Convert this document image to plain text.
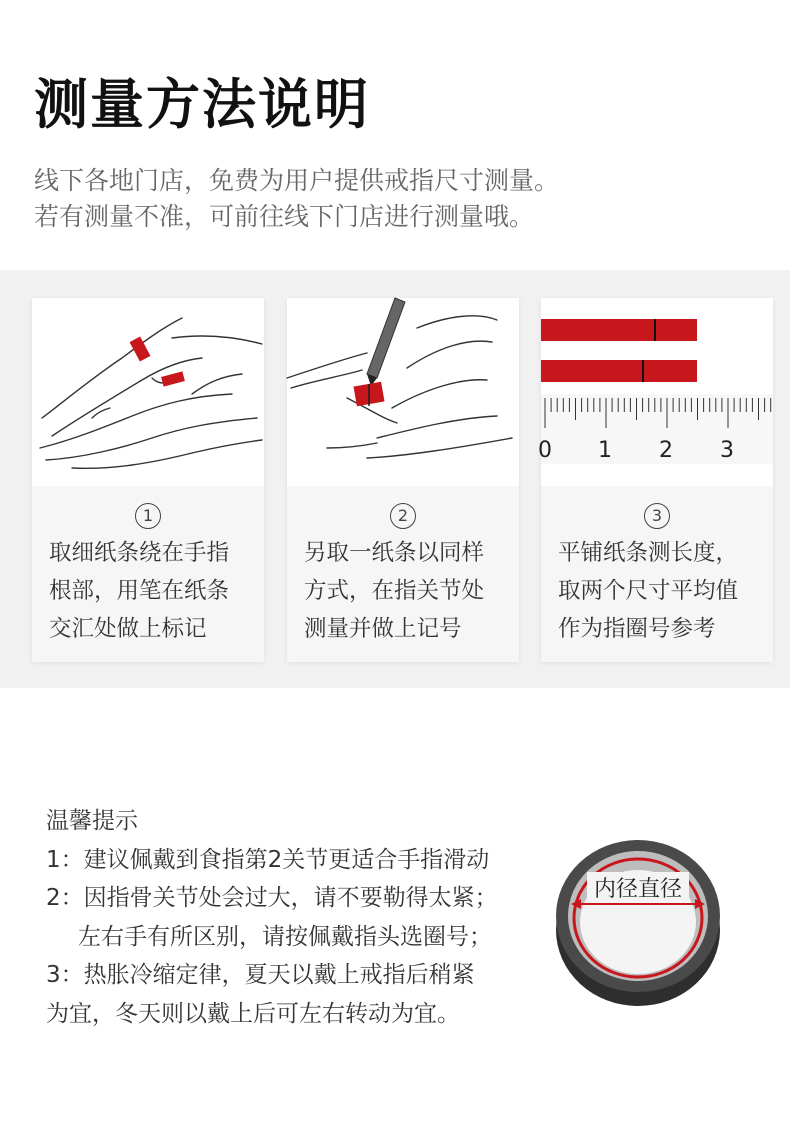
测量方法说明
线下各地门店，免费为用户提供戒指尺寸测量。
若有测量不准，可前往线下门店进行测量哦。
1
取细纸条绕在手指
根部，用笔在纸条
交汇处做上标记
2
另取一纸条以同样
方式，在指关节处
测量并做上记号
0 1 2 3
3
平铺纸条测长度，
取两个尺寸平均值
作为指圈号参考
温馨提示
1：建议佩戴到食指第2关节更适合手指滑动
2：因指骨关节处会过大，请不要勒得太紧；
左右手有所区别，请按佩戴指头选圈号；
3：热胀冷缩定律，夏天以戴上戒指后稍紧
为宜，冬天则以戴上后可左右转动为宜。
内径直径
